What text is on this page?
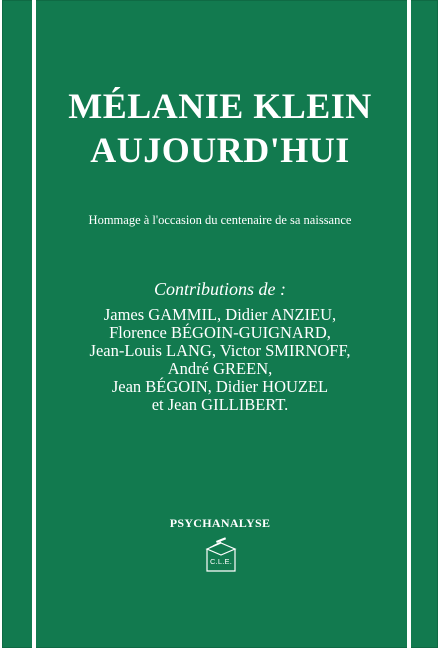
MÉLANIE KLEIN
AUJOURD'HUI
Hommage à l'occasion du centenaire de sa naissance
Contributions de :
James GAMMIL, Didier ANZIEU,
Florence BÉGOIN-GUIGNARD,
Jean-Louis LANG, Victor SMIRNOFF,
André GREEN,
Jean BÉGOIN, Didier HOUZEL
et Jean GILLIBERT.
PSYCHANALYSE
C.L.E.
